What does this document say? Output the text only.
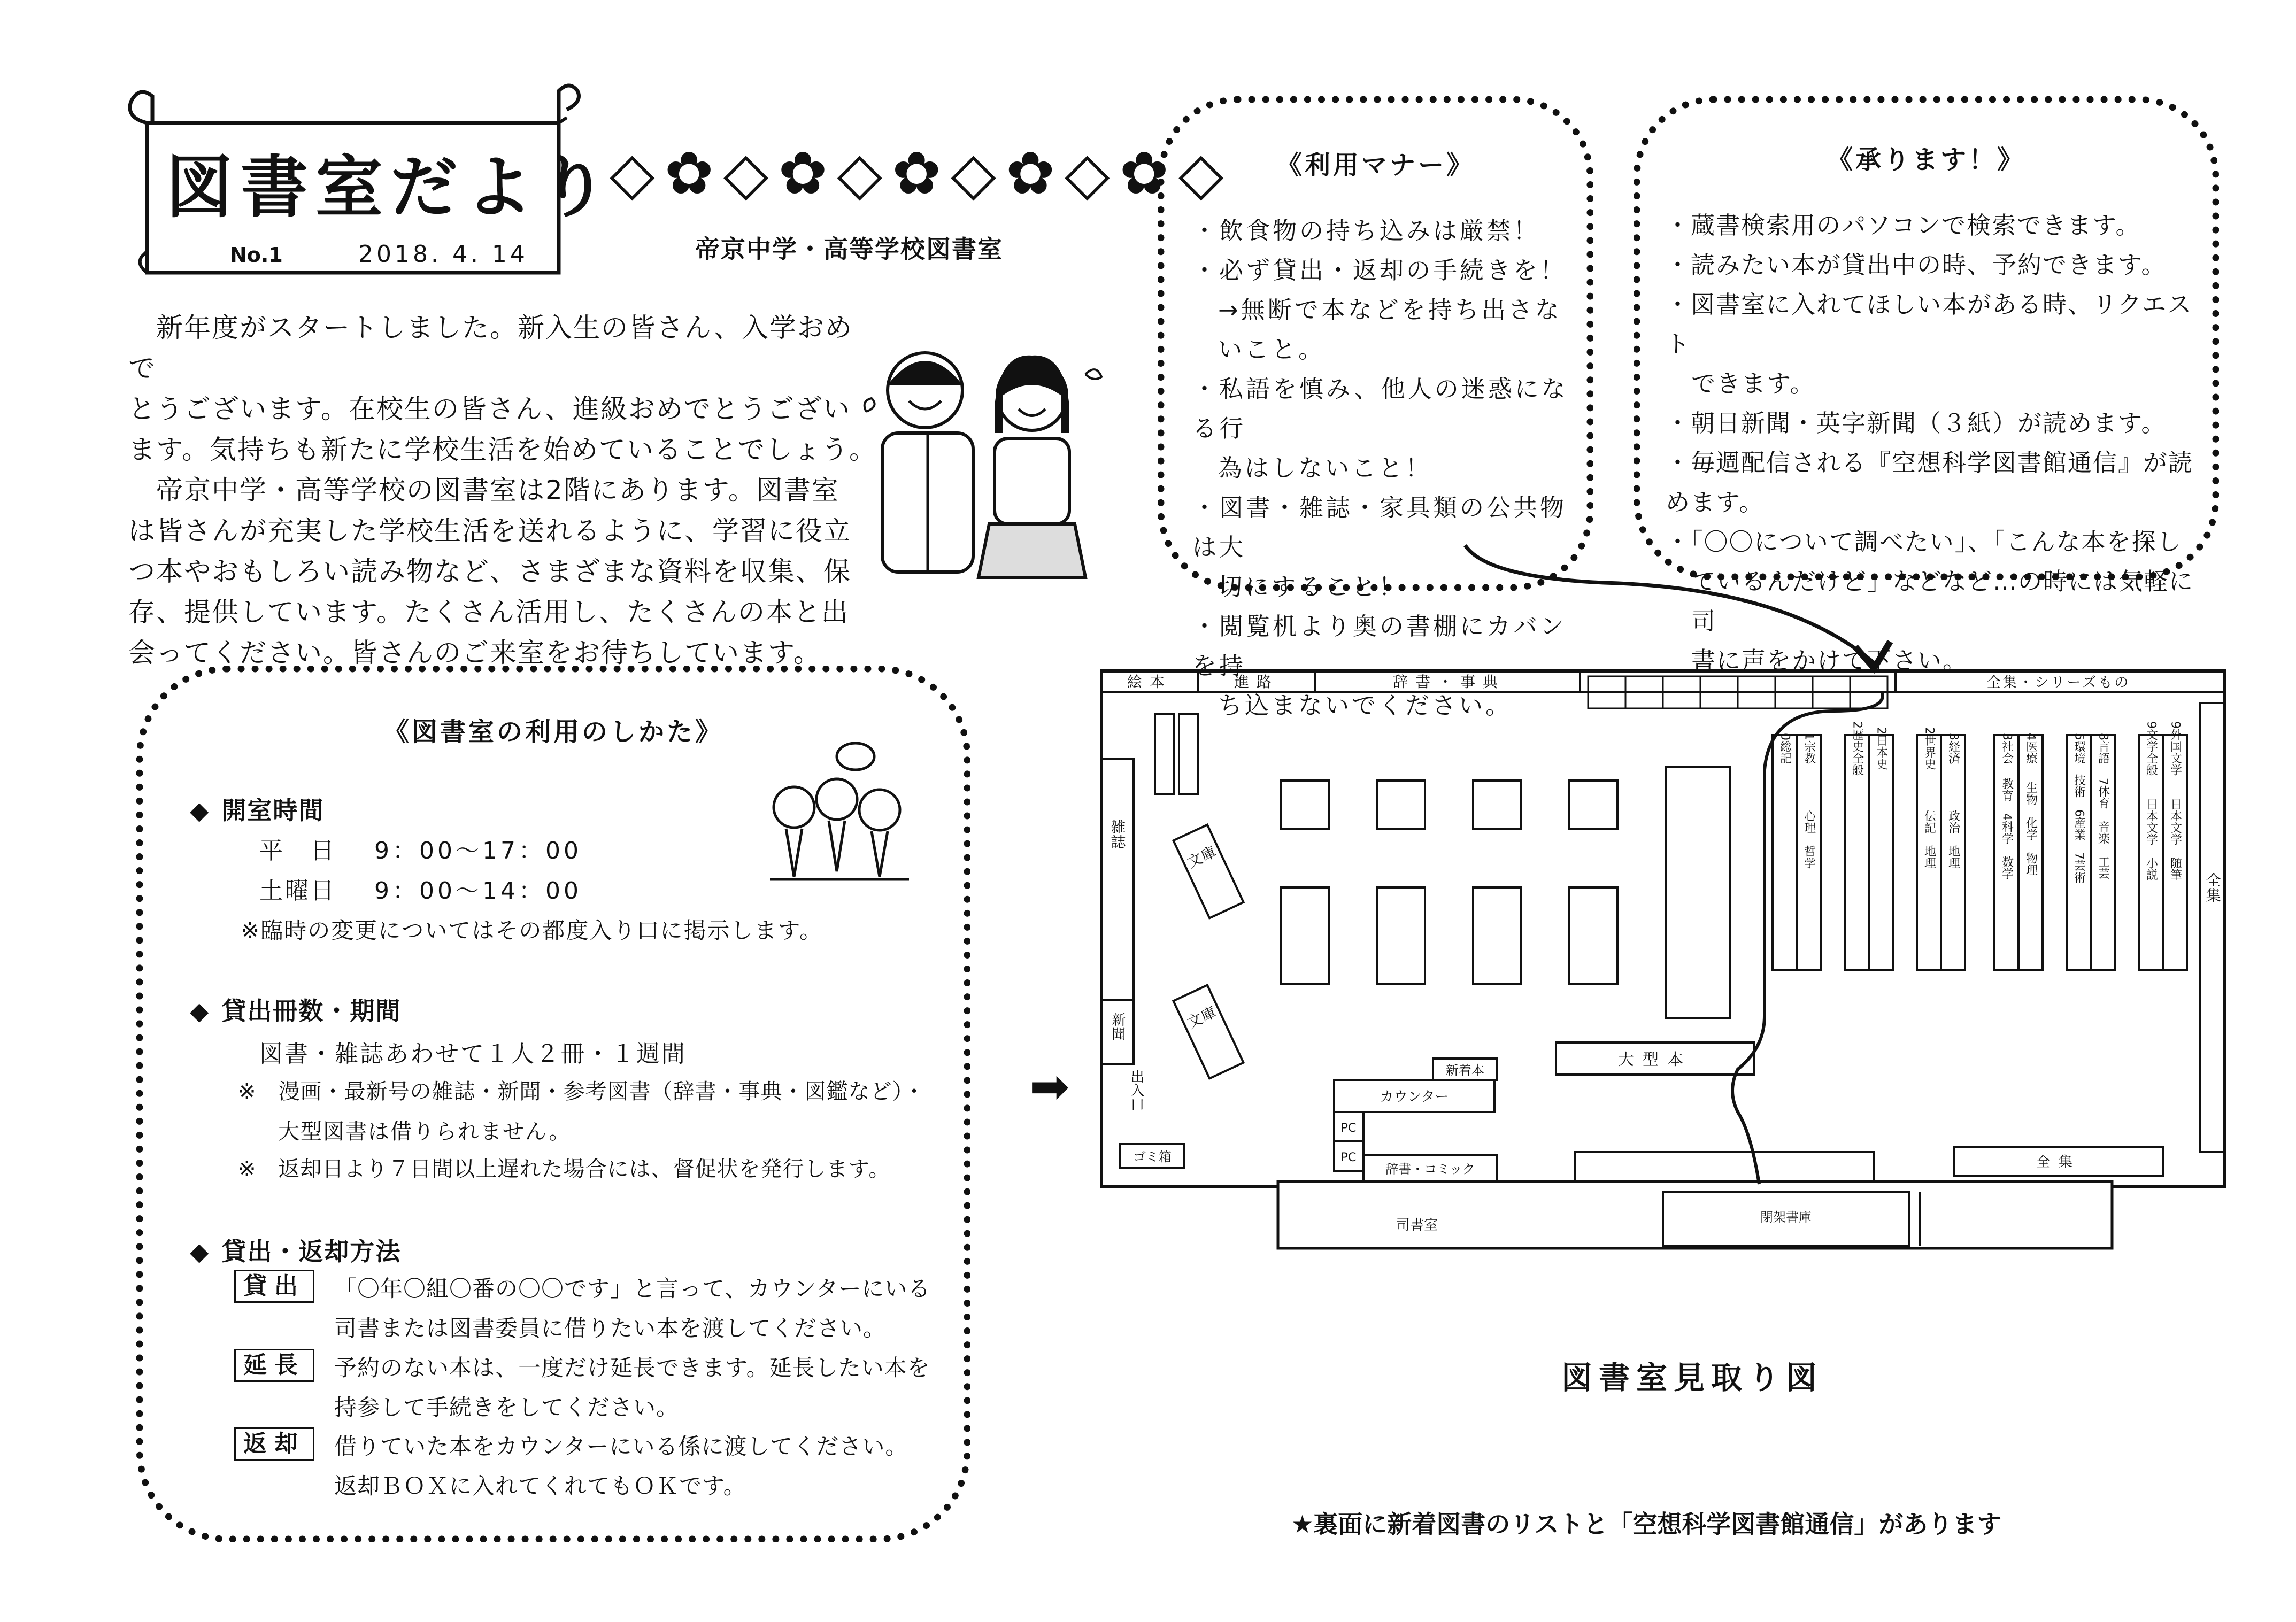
図書室だより
No.1	2018. 4. 14
◇✿◇✿◇✿◇✿◇✿◇
帝京中学・高等学校図書室
　新年度がスタートしました。新入生の皆さん、入学おめで
とうございます。在校生の皆さん、進級おめでとうござい
ます。気持ちも新たに学校生活を始めていることでしょう。
　帝京中学・高等学校の図書室は2階にあります。図書室
は皆さんが充実した学校生活を送れるように、学習に役立
つ本やおもしろい読み物など、さまざまな資料を収集、保
存、提供しています。たくさん活用し、たくさんの本と出
会ってください。皆さんのご来室をお待ちしています。
《利用マナー》
・飲食物の持ち込みは厳禁！
・必ず貸出・返却の手続きを！
→無断で本などを持ち出さないこと。
・私語を慎み、他人の迷惑になる行
為はしないこと！
・図書・雑誌・家具類の公共物は大
切にすること！
・閲覧机より奥の書棚にカバンを持
ち込まないでください。
《承ります！》
・蔵書検索用のパソコンで検索できます。
・読みたい本が貸出中の時、予約できます。
・図書室に入れてほしい本がある時、リクエスト
できます。
・朝日新聞・英字新聞（３紙）が読めます。
・毎週配信される『空想科学図書館通信』が読めます。
・「〇〇について調べたい」、「こんな本を探し
ているんだけど」などなど…の時には気軽に司
書に声をかけて下さい。
《図書室の利用のしかた》
◆ 開室時間
平　日 9：00～17：00
土曜日 9：00～14：00
※臨時の変更についてはその都度入り口に掲示します。
◆ 貸出冊数・期間
図書・雑誌あわせて１人２冊・１週間
※　漫画・最新号の雑誌・新聞・参考図書（辞書・事典・図鑑など）・
大型図書は借りられません。
※　返却日より７日間以上遅れた場合には、督促状を発行します。
◆ 貸出・返却方法
貸出	「〇年〇組〇番の〇〇です」と言って、カウンターにいる
司書または図書委員に借りたい本を渡してください。
延長	予約のない本は、一度だけ延長できます。延長したい本を
持参して手続きをしてください。
返却	借りていた本をカウンターにいる係に渡してください。
返却ＢＯＸに入れてくれてもＯＫです。
絵本	進路	辞書・事典	全集・シリーズもの
雑誌
新聞
出入口
ゴミ箱
文庫
文庫
大型本
新着本
カウンター
PC
PC
辞書・コミック	全集
全集
0総記 1宗教
心理　哲学
2歴史全般 2日本史	2世界史
伝記　地理
3経済
政治　地理
3社会
教育　4科学　数学
4医療
生物　化学　物理
5環境
技術　6産業　7芸術
8言語
7体育　音楽　工芸
9文学全般
日本文学－小説
9外国文学
日本文学－随筆
司書室	閉架書庫
➡
図書室見取り図
★裏面に新着図書のリストと「空想科学図書館通信」があります
